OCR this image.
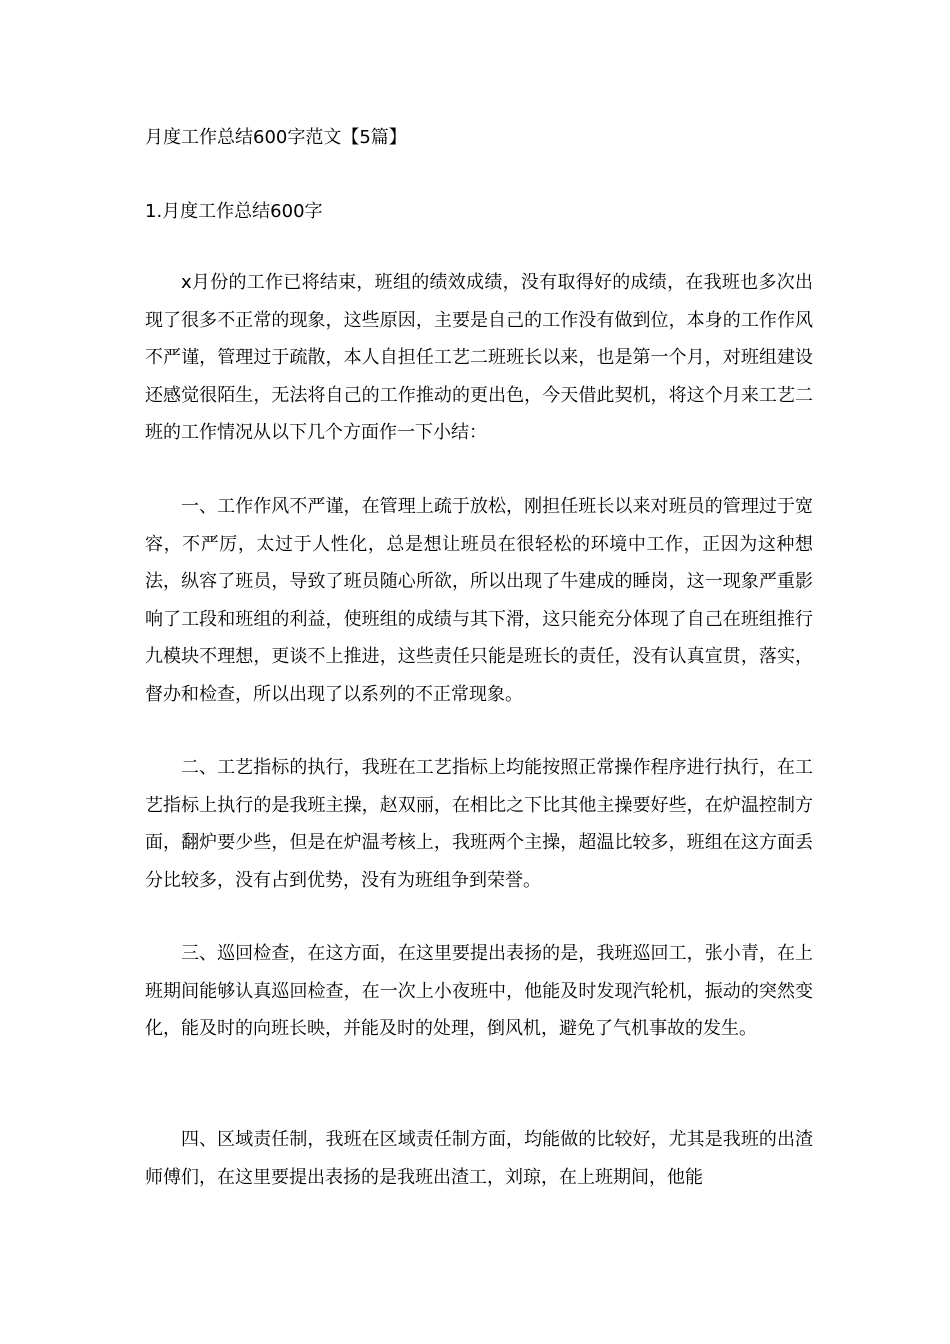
月度工作总结600字范文【5篇】
1.月度工作总结600字

x月份的工作已将结束，班组的绩效成绩，没有取得好的成绩，在我班也多次出现了很多不正常的现象，这些原因，主要是自己的工作没有做到位，本身的工作作风不严谨，管理过于疏散，本人自担任工艺二班班长以来，也是第一个月，对班组建设还感觉很陌生，无法将自己的工作推动的更出色，今天借此契机，将这个月来工艺二班的工作情况从以下几个方面作一下小结：

一、工作作风不严谨，在管理上疏于放松，刚担任班长以来对班员的管理过于宽容，不严厉，太过于人性化，总是想让班员在很轻松的环境中工作，正因为这种想法，纵容了班员，导致了班员随心所欲，所以出现了牛建成的睡岗，这一现象严重影响了工段和班组的利益，使班组的成绩与其下滑，这只能充分体现了自己在班组推行九模块不理想，更谈不上推进，这些责任只能是班长的责任，没有认真宣贯，落实，督办和检查，所以出现了以系列的不正常现象。

二、工艺指标的执行，我班在工艺指标上均能按照正常操作程序进行执行，在工艺指标上执行的是我班主操，赵双丽，在相比之下比其他主操要好些，在炉温控制方面，翻炉要少些，但是在炉温考核上，我班两个主操，超温比较多，班组在这方面丢分比较多，没有占到优势，没有为班组争到荣誉。

三、巡回检查，在这方面，在这里要提出表扬的是，我班巡回工，张小青，在上班期间能够认真巡回检查，在一次上小夜班中，他能及时发现汽轮机，振动的突然变化，能及时的向班长映，并能及时的处理，倒风机，避免了气机事故的发生。

四、区域责任制，我班在区域责任制方面，均能做的比较好，尤其是我班的出渣师傅们，在这里要提出表扬的是我班出渣工，刘琼，在上班期间，他能
